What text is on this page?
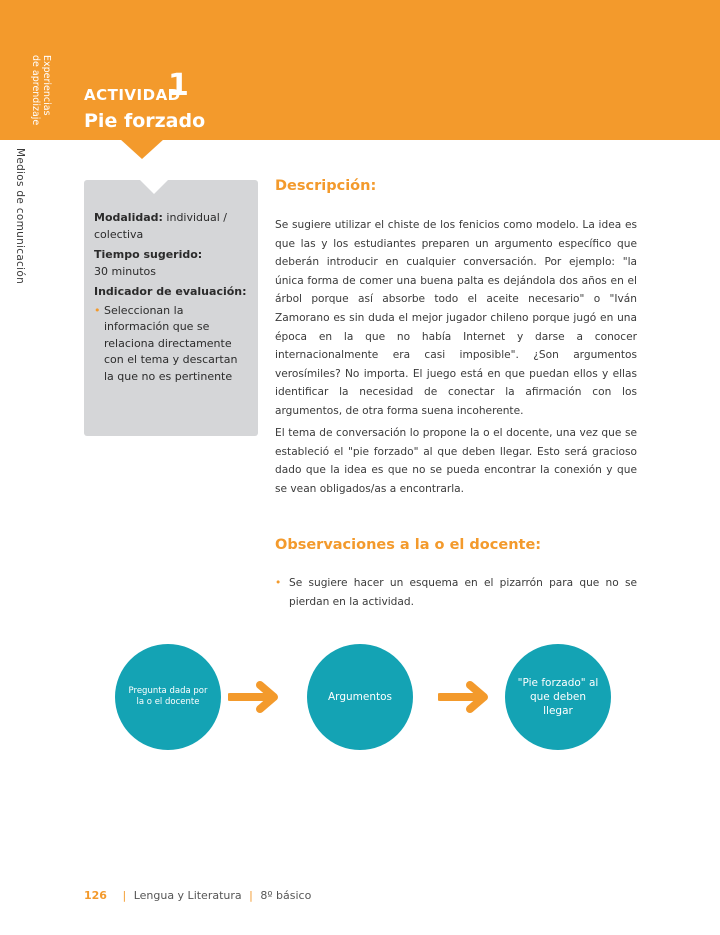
Experiencias
de aprendizaje
Medios de comunicación
ACTIVIDAD
1
Pie forzado

Modalidad: individual / colectiva

Tiempo sugerido:
30 minutos

Indicador de evaluación:

• Seleccionan la información que se relaciona directamente con el tema y descartan la que no es pertinente
Descripción:
Se sugiere utilizar el chiste de los fenicios como modelo. La idea es que las y los estudiantes preparen un argumento específico que deberán introducir en cualquier conversación. Por ejemplo: "la única forma de comer una buena palta es dejándola dos años en el árbol porque así absorbe todo el aceite necesario" o "Iván Zamorano es sin duda el mejor jugador chileno porque jugó en una época en la que no había Internet y darse a conocer internacionalmente era casi imposible". ¿Son argumentos verosímiles? No importa. El juego está en que puedan ellos y ellas identificar la necesidad de conectar la afirmación con los argumentos, de otra forma suena incoherente.
El tema de conversación lo propone la o el docente, una vez que se estableció el "pie forzado" al que deben llegar. Esto será gracioso dado que la idea es que no se pueda encontrar la conexión y que se vean obligados/as a encontrarla.
Observaciones a la o el docente:
• Se sugiere hacer un esquema en el pizarrón para que no se pierdan en la actividad.
Pregunta dada por la o el docente	Argumentos
"Pie forzado" al que deben llegar
126 | Lengua y Literatura | 8º básico
